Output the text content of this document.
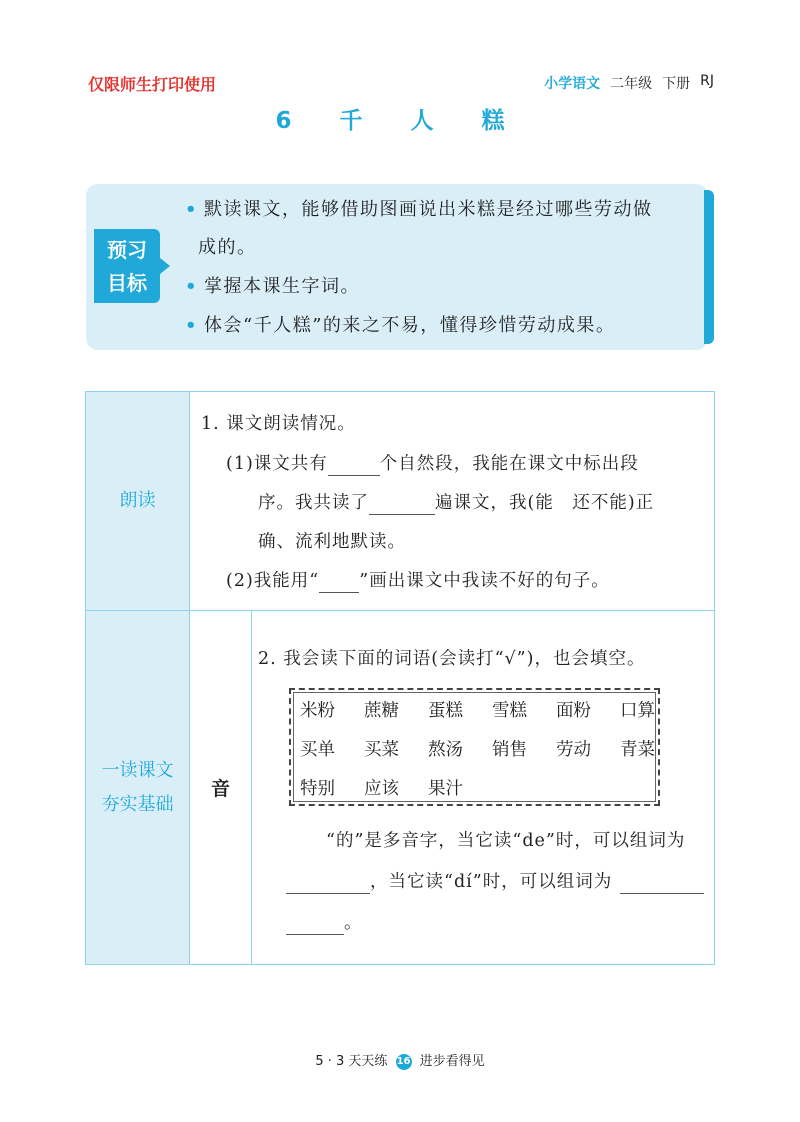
仅限师生打印使用	小学语文 二年级 下册 RJ
6 千 人 糕
预习
目标
• 默读课文，能够借助图画说出米糕是经过哪些劳动做
成的。
• 掌握本课生字词。
• 体会“千人糕”的来之不易，懂得珍惜劳动成果。
朗读
1. 课文朗读情况。
(1)课文共有	个自然段，我能在课文中标出段
序。我共读了	遍课文，我(能　还不能)正
确、流利地默读。
(2)我能用“ ”画出课文中我读不好的句子。
一读课文
夯实基础
音
2. 我会读下面的词语(会读打“√”)，也会填空。
米粉	蔗糖	蛋糕	雪糕	面粉	口算
买单	买菜	熬汤	销售	劳动	青菜
特别	应该	果汁
“的”是多音字，当它读“de”时，可以组词为
，当它读“dí”时，可以组词为
。
5 · 3 天天练 16 进步看得见
